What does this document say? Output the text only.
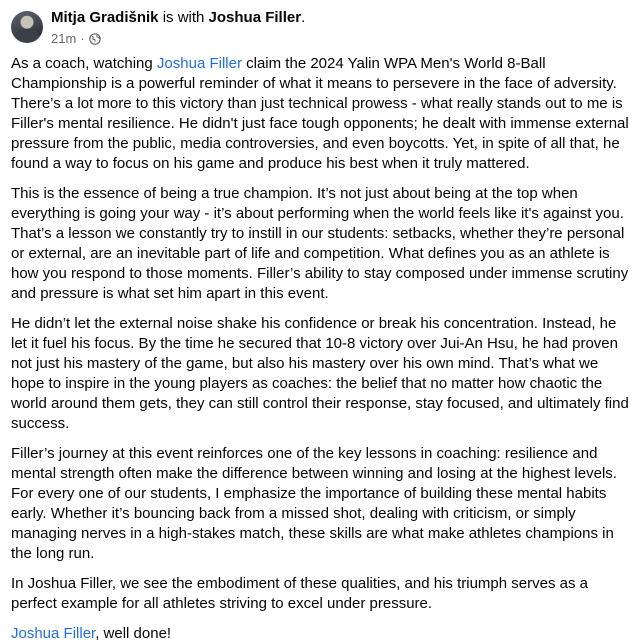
Mitja Gradišnik is with Joshua Filler.
21m ·

As a coach, watching Joshua Filler claim the 2024 Yalin WPA Men's World 8-Ball Championship is a powerful reminder of what it means to persevere in the face of adversity. There’s a lot more to this victory than just technical prowess - what really stands out to me is Filler's mental resilience. He didn't just face tough opponents; he dealt with immense external pressure from the public, media controversies, and even boycotts. Yet, in spite of all that, he found a way to focus on his game and produce his best when it truly mattered.

This is the essence of being a true champion. It’s not just about being at the top when everything is going your way - it’s about performing when the world feels like it's against you. That’s a lesson we constantly try to instill in our students: setbacks, whether they’re personal or external, are an inevitable part of life and competition. What defines you as an athlete is how you respond to those moments. Filler’s ability to stay composed under immense scrutiny and pressure is what set him apart in this event.

He didn’t let the external noise shake his confidence or break his concentration. Instead, he let it fuel his focus. By the time he secured that 10-8 victory over Jui-An Hsu, he had proven not just his mastery of the game, but also his mastery over his own mind. That’s what we hope to inspire in the young players as coaches: the belief that no matter how chaotic the world around them gets, they can still control their response, stay focused, and ultimately find success.

Filler’s journey at this event reinforces one of the key lessons in coaching: resilience and mental strength often make the difference between winning and losing at the highest levels. For every one of our students, I emphasize the importance of building these mental habits early. Whether it’s bouncing back from a missed shot, dealing with criticism, or simply managing nerves in a high-stakes match, these skills are what make athletes champions in the long run.

In Joshua Filler, we see the embodiment of these qualities, and his triumph serves as a perfect example for all athletes striving to excel under pressure.

Joshua Filler, well done!
